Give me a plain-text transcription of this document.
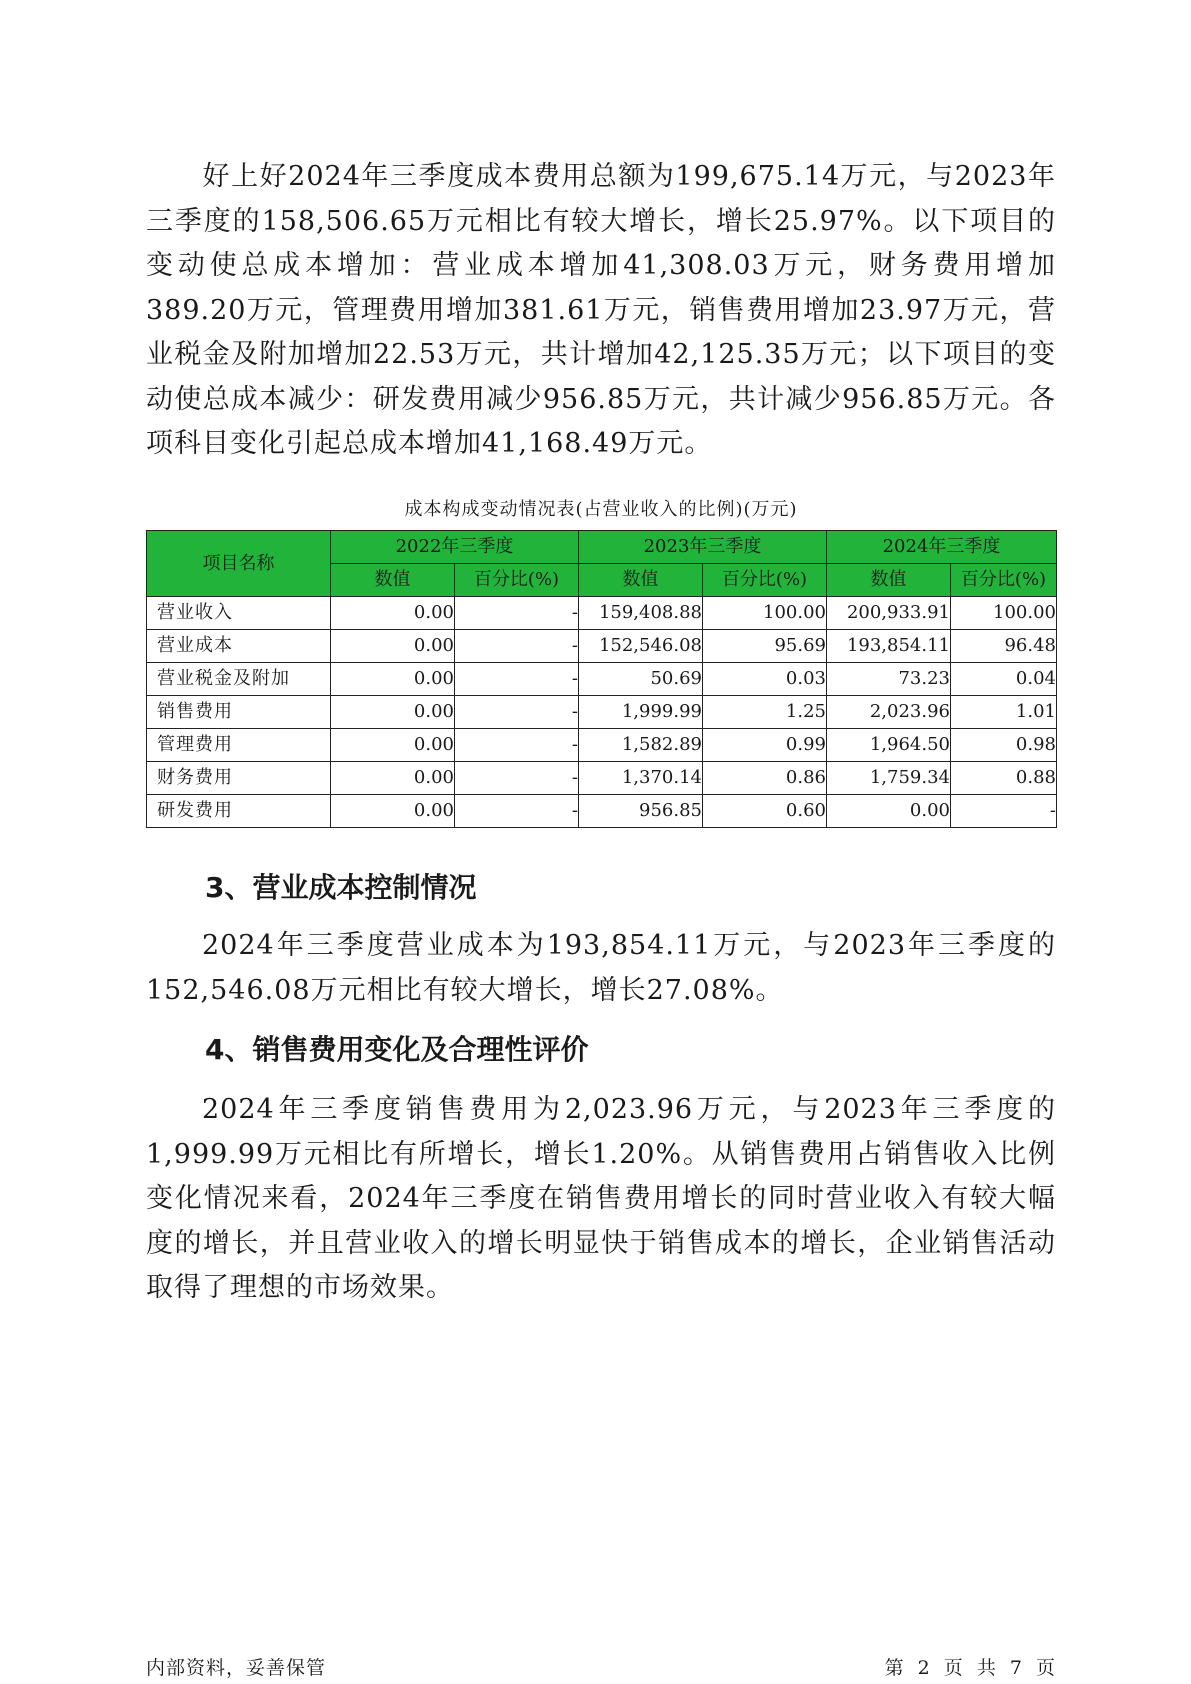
好上好2024年三季度成本费用总额为199,675.14万元，与2023年三季度的158,506.65万元相比有较大增长，增长25.97%。以下项目的变动使总成本增加：营业成本增加41,308.03万元，财务费用增加389.20万元，管理费用增加381.61万元，销售费用增加23.97万元，营业税金及附加增加22.53万元，共计增加42,125.35万元；以下项目的变动使总成本减少：研发费用减少956.85万元，共计减少956.85万元。各项科目变化引起总成本增加41,168.49万元。

成本构成变动情况表(占营业收入的比例)(万元)
项目名称	2022年三季度		2023年三季度		2024年三季度	
	数值	百分比(%)	数值	百分比(%)	数值	百分比(%)
营业收入	0.00	-	159,408.88	100.00	200,933.91	100.00
营业成本	0.00	-	152,546.08	95.69	193,854.11	96.48
营业税金及附加	0.00	-	50.69	0.03	73.23	0.04
销售费用	0.00	-	1,999.99	1.25	2,023.96	1.01
管理费用	0.00	-	1,582.89	0.99	1,964.50	0.98
财务费用	0.00	-	1,370.14	0.86	1,759.34	0.88
研发费用	0.00	-	956.85	0.60	0.00	-
3、营业成本控制情况

2024年三季度营业成本为193,854.11万元，与2023年三季度的152,546.08万元相比有较大增长，增长27.08%。

4、销售费用变化及合理性评价

2024年三季度销售费用为2,023.96万元，与2023年三季度的1,999.99万元相比有所增长，增长1.20%。从销售费用占销售收入比例变化情况来看，2024年三季度在销售费用增长的同时营业收入有较大幅度的增长，并且营业收入的增长明显快于销售成本的增长，企业销售活动取得了理想的市场效果。

内部资料，妥善保管	第 2 页 共 7 页
